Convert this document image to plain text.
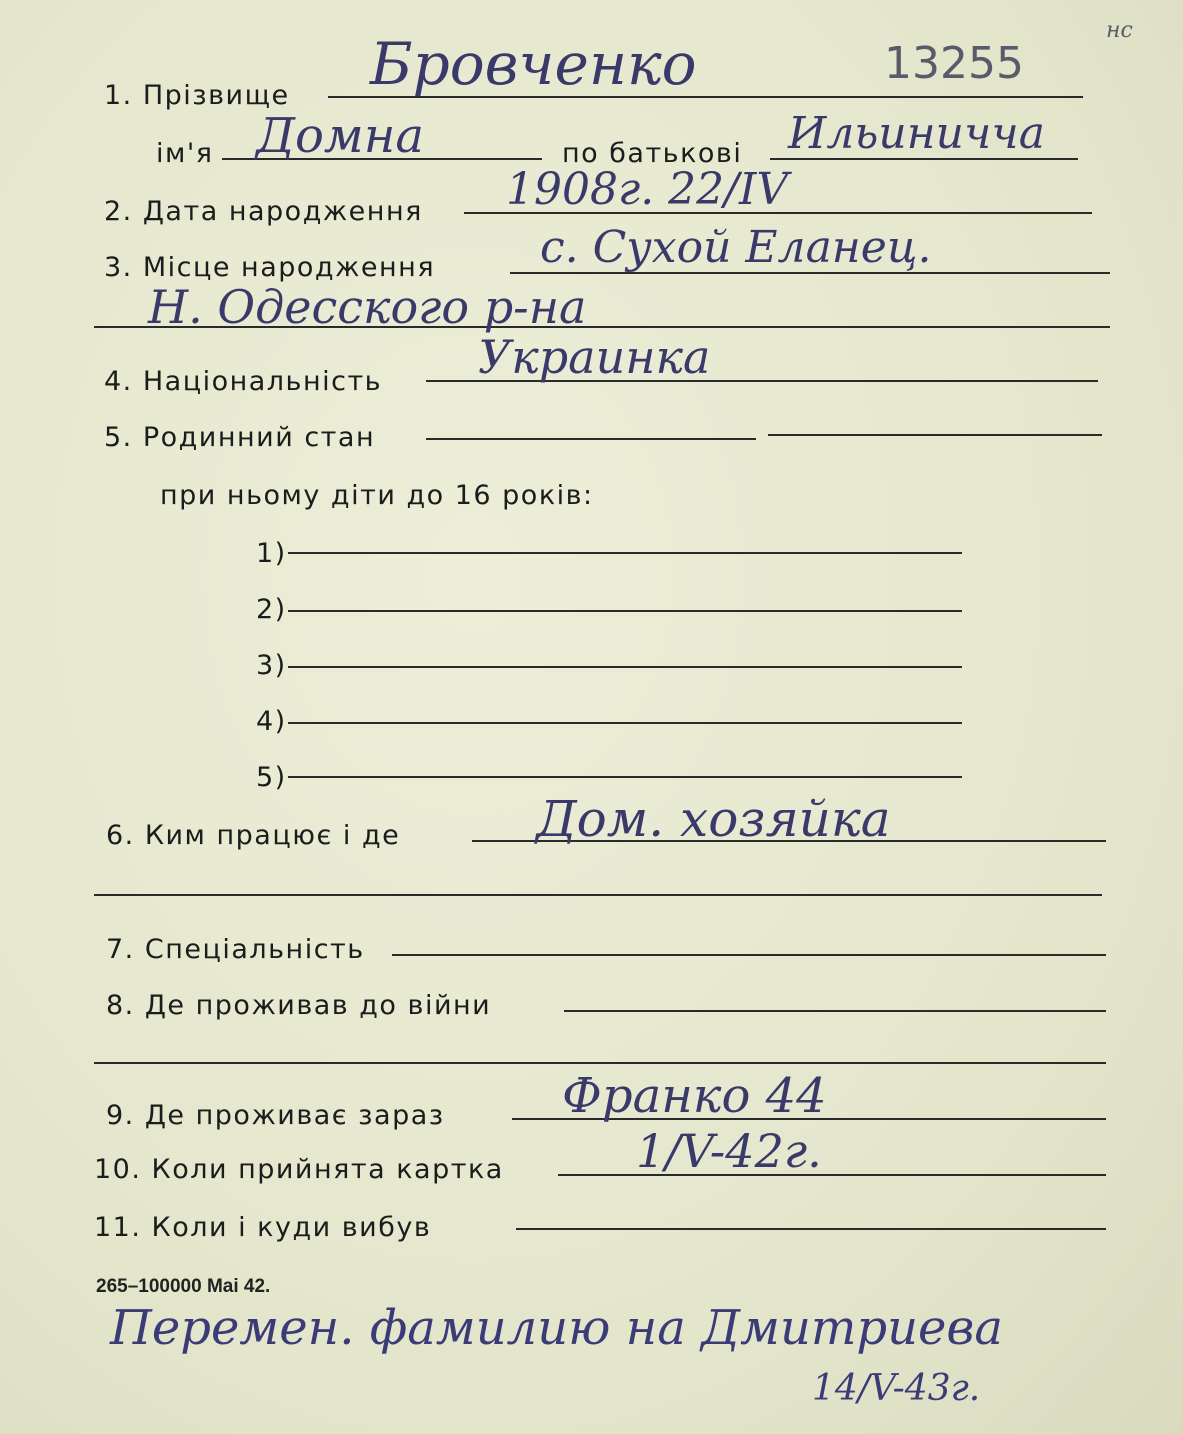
1. Прізвище Бровченко	13255
нс
ім'я Домна	по батькові Ильиничча
2. Дата народження 1908г. 22/IV
3. Місце народження с. Сухой Еланец.
Н. Одесского р-на
4. Національність Украинка
5. Родинний стан
при ньому діти до 16 років:
1)
2)
3)
4)
5)
6. Ким працює і де	Дом. хозяйка
7. Спеціальність
8. Де проживав до війни
9. Де проживає зараз Франко 44
10. Коли прийнята картка	1/V-42г.
11. Коли і куди вибув
265–100000 Mai 42.
Перемен. фамилию на Дмитриева
14/V-43г.
